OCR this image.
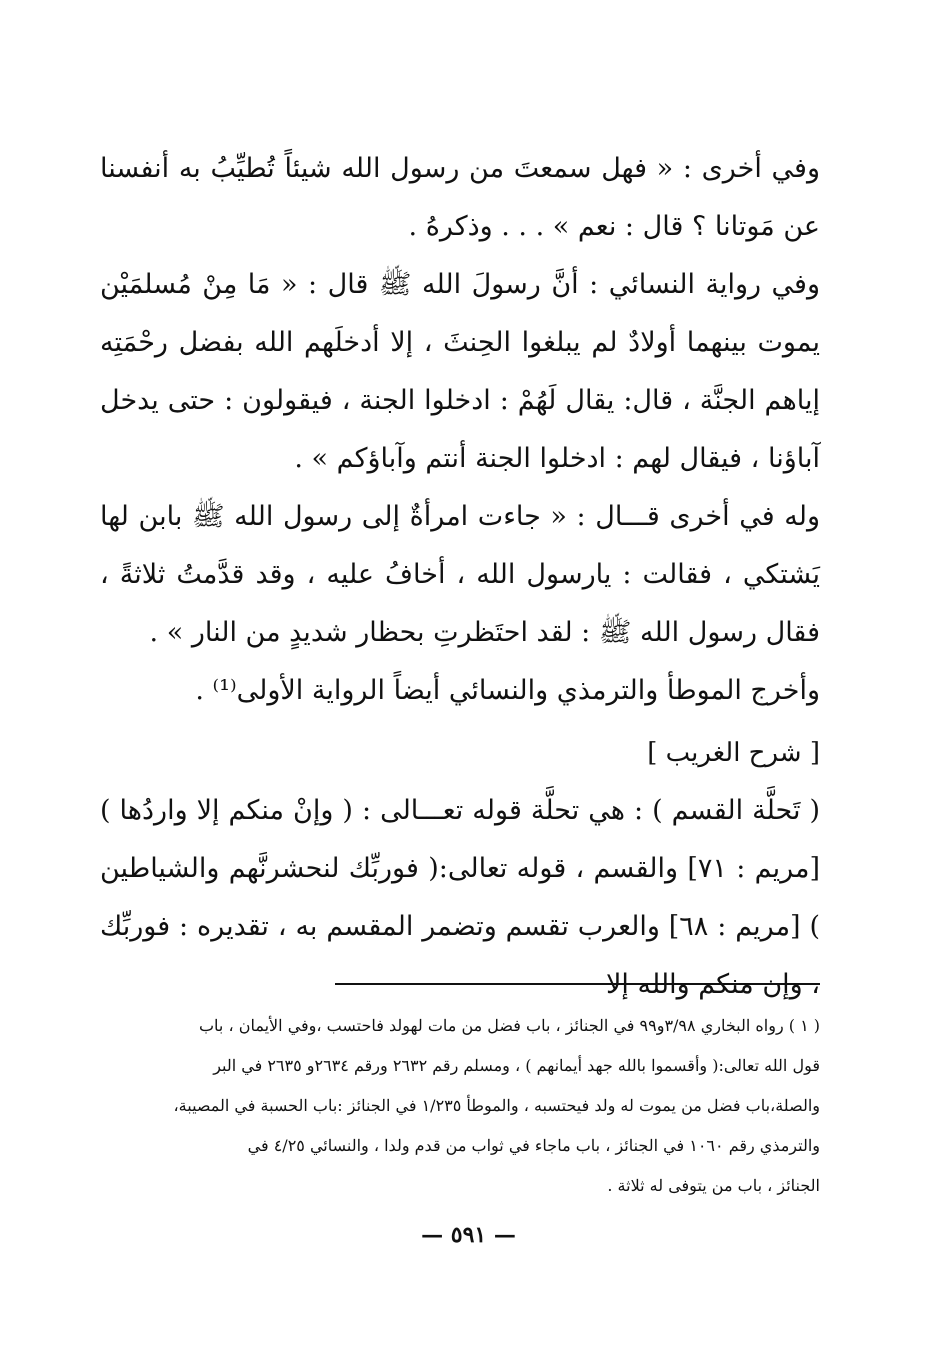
وفي أخرى : « فهل سمعتَ من رسول الله شيئاً تُطيِّبُ به أنفسنا عن مَوتانا ؟ قال : نعم » . . . وذكرهُ .

وفي رواية النسائي : أنَّ رسولَ الله ﷺ قال : « مَا مِنْ مُسلمَيْن يموت بينهما أولادٌ لم يبلغوا الحِنثَ ، إلا أدخلَهم الله بفضل رحْمَتِه إياهم الجنَّة ، قال: يقال لَهُمْ : ادخلوا الجنة ، فيقولون : حتى يدخل آباؤنا ، فيقال لهم : ادخلوا الجنة أنتم وآباؤكم » .

وله في أخرى قـــال : « جاءت امرأةٌ إلى رسول الله ﷺ بابن لها يَشتكي ، فقالت : يارسول الله ، أخافُ عليه ، وقد قدَّمتُ ثلاثةً ، فقال رسول الله ﷺ : لقد احتَظرتِ بحظار شديدٍ من النار » .

وأخرج الموطأ والترمذي والنسائي أيضاً الرواية الأولى⁽¹⁾ .

[ شرح الغريب ]

( تَحلَّة القسم ) : هي تحلَّة قوله تعـــالى : ( وإنْ منكم إلا واردُها ) [مريم : ٧١] والقسم ، قوله تعالى:( فوربِّك لنحشرنَّهم والشياطين ) [مريم : ٦٨] والعرب تقسم وتضمر المقسم به ، تقديره : فوربِّك ، وإن منكم والله إلا

( ١ ) رواه البخاري ٣/٩٨و٩٩ في الجنائز ، باب فضل من مات لهولد فاحتسب ،وفي الأيمان ، باب
قول الله تعالى:( وأقسموا بالله جهد أيمانهم ) ، ومسلم رقم ٢٦٣٢ ورقم ٢٦٣٤و ٢٦٣٥ في البر
والصلة،باب فضل من يموت له ولد فيحتسبه ، والموطأ ١/٢٣٥ في الجنائز :باب الحسبة في المصيبة،
والترمذي رقم ١٠٦٠ في الجنائز ، باب ماجاء في ثواب من قدم ولدا ، والنسائي ٤/٢٥ في
الجنائز ، باب من يتوفى له ثلاثة .
— ٥٩١ —
